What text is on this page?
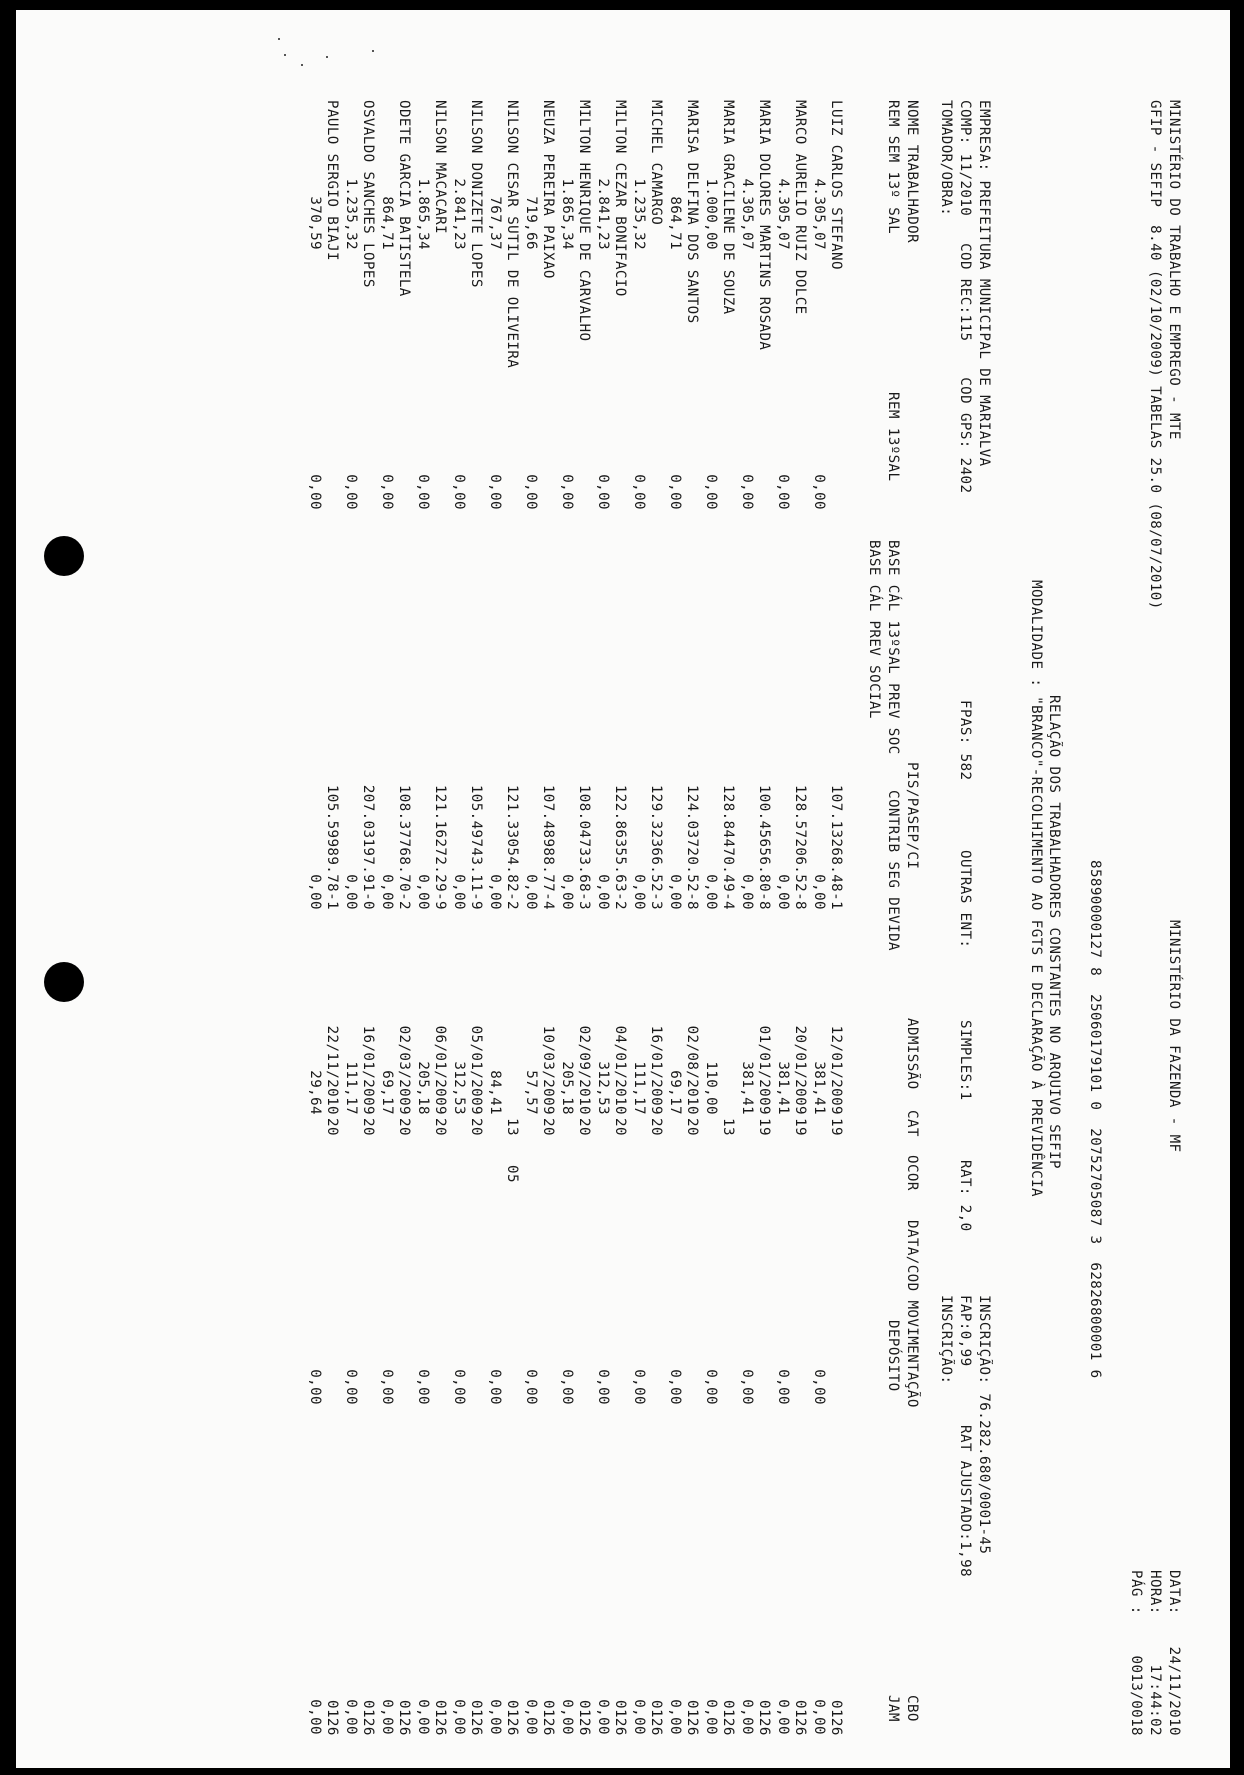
MINISTÉRIO DO TRABALHO E EMPREGO - MTE

MINISTÉRIO DA FAZENDA - MF

DATA:

24/11/2010

GFIP - SEFIP  8.40 (02/10/2009) TABELAS 25.0 (08/07/2010)

HORA:

17:44:02

PÁG :

0013/0018

85890000127 8  25060179101 0  20752705087 3  62826800001 6

RELAÇÃO DOS TRABALHADORES CONSTANTES NO ARQUIVO SEFIP

MODALIDADE : "BRANCO"-RECOLHIMENTO AO FGTS E DECLARAÇÃO À PREVIDÊNCIA

EMPRESA: PREFEITURA MUNICIPAL DE MARIALVA

INSCRIÇÃO: 76.282.680/0001-45

COMP: 11/2010   COD REC:115    COD GPS: 2402

FPAS: 582

OUTRAS ENT:

SIMPLES:1

RAT: 2,0

FAP:0,99

RAT AJUSTADO:1,98

TOMADOR/OBRA:

INSCRIÇÃO:

NOME TRABALHADOR

PIS/PASEP/CI

ADMISSÃO

CAT

OCOR

DATA/COD MOVIMENTAÇÃO

CBO

REM SEM 13º SAL

REM 13ºSAL

BASE CÁL 13ºSAL PREV SOC

CONTRIB SEG DEVIDA

DEPÓSITO

JAM

BASE CÁL PREV SOCIAL

LUIZ CARLOS STEFANO
107.13268.48-1
12/01/2009
19
0126
4.305,07
0,00
0,00
381,41
0,00
0,00
MARCO AURELIO RUIZ DOLCE
128.57206.52-8
20/01/2009
19
0126
4.305,07
0,00
0,00
381,41
0,00
0,00
MARIA DOLORES MARTINS ROSADA
100.45656.80-8
01/01/2009
19
0126
4.305,07
0,00
0,00
381,41
0,00
0,00
MARIA GRACILENE DE SOUZA
128.84470.49-4
13
0126
1.000,00
0,00
0,00
110,00
0,00
0,00
MARISA DELFINA DOS SANTOS
124.03720.52-8
02/08/2010
20
0126
864,71
0,00
0,00
69,17
0,00
0,00
MICHEL CAMARGO
129.32366.52-3
16/01/2009
20
0126
1.235,32
0,00
0,00
111,17
0,00
0,00
MILTON CEZAR BONIFACIO
122.86355.63-2
04/01/2010
20
0126
2.841,23
0,00
0,00
312,53
0,00
0,00
MILTON HENRIQUE DE CARVALHO
108.04733.68-3
02/09/2010
20
0126
1.865,34
0,00
0,00
205,18
0,00
0,00
NEUZA PEREIRA PAIXAO
107.48988.77-4
10/03/2009
20
0126
719,66
0,00
0,00
57,57
0,00
0,00
NILSON CESAR SUTIL DE OLIVEIRA
121.33054.82-2
13
05
0126
767,37
0,00
0,00
84,41
0,00
0,00
NILSON DONIZETE LOPES
105.49743.11-9
05/01/2009
20
0126
2.841,23
0,00
0,00
312,53
0,00
0,00
NILSON MACACARI
121.16272.29-9
06/01/2009
20
0126
1.865,34
0,00
0,00
205,18
0,00
0,00
ODETE GARCIA BATISTELA
108.37768.70-2
02/03/2009
20
0126
864,71
0,00
0,00
69,17
0,00
0,00
OSVALDO SANCHES LOPES
207.03197.91-0
16/01/2009
20
0126
1.235,32
0,00
0,00
111,17
0,00
0,00
PAULO SERGIO BIAJI
105.59989.78-1
22/11/2010
20
0126
370,59
0,00
0,00
29,64
0,00
0,00
